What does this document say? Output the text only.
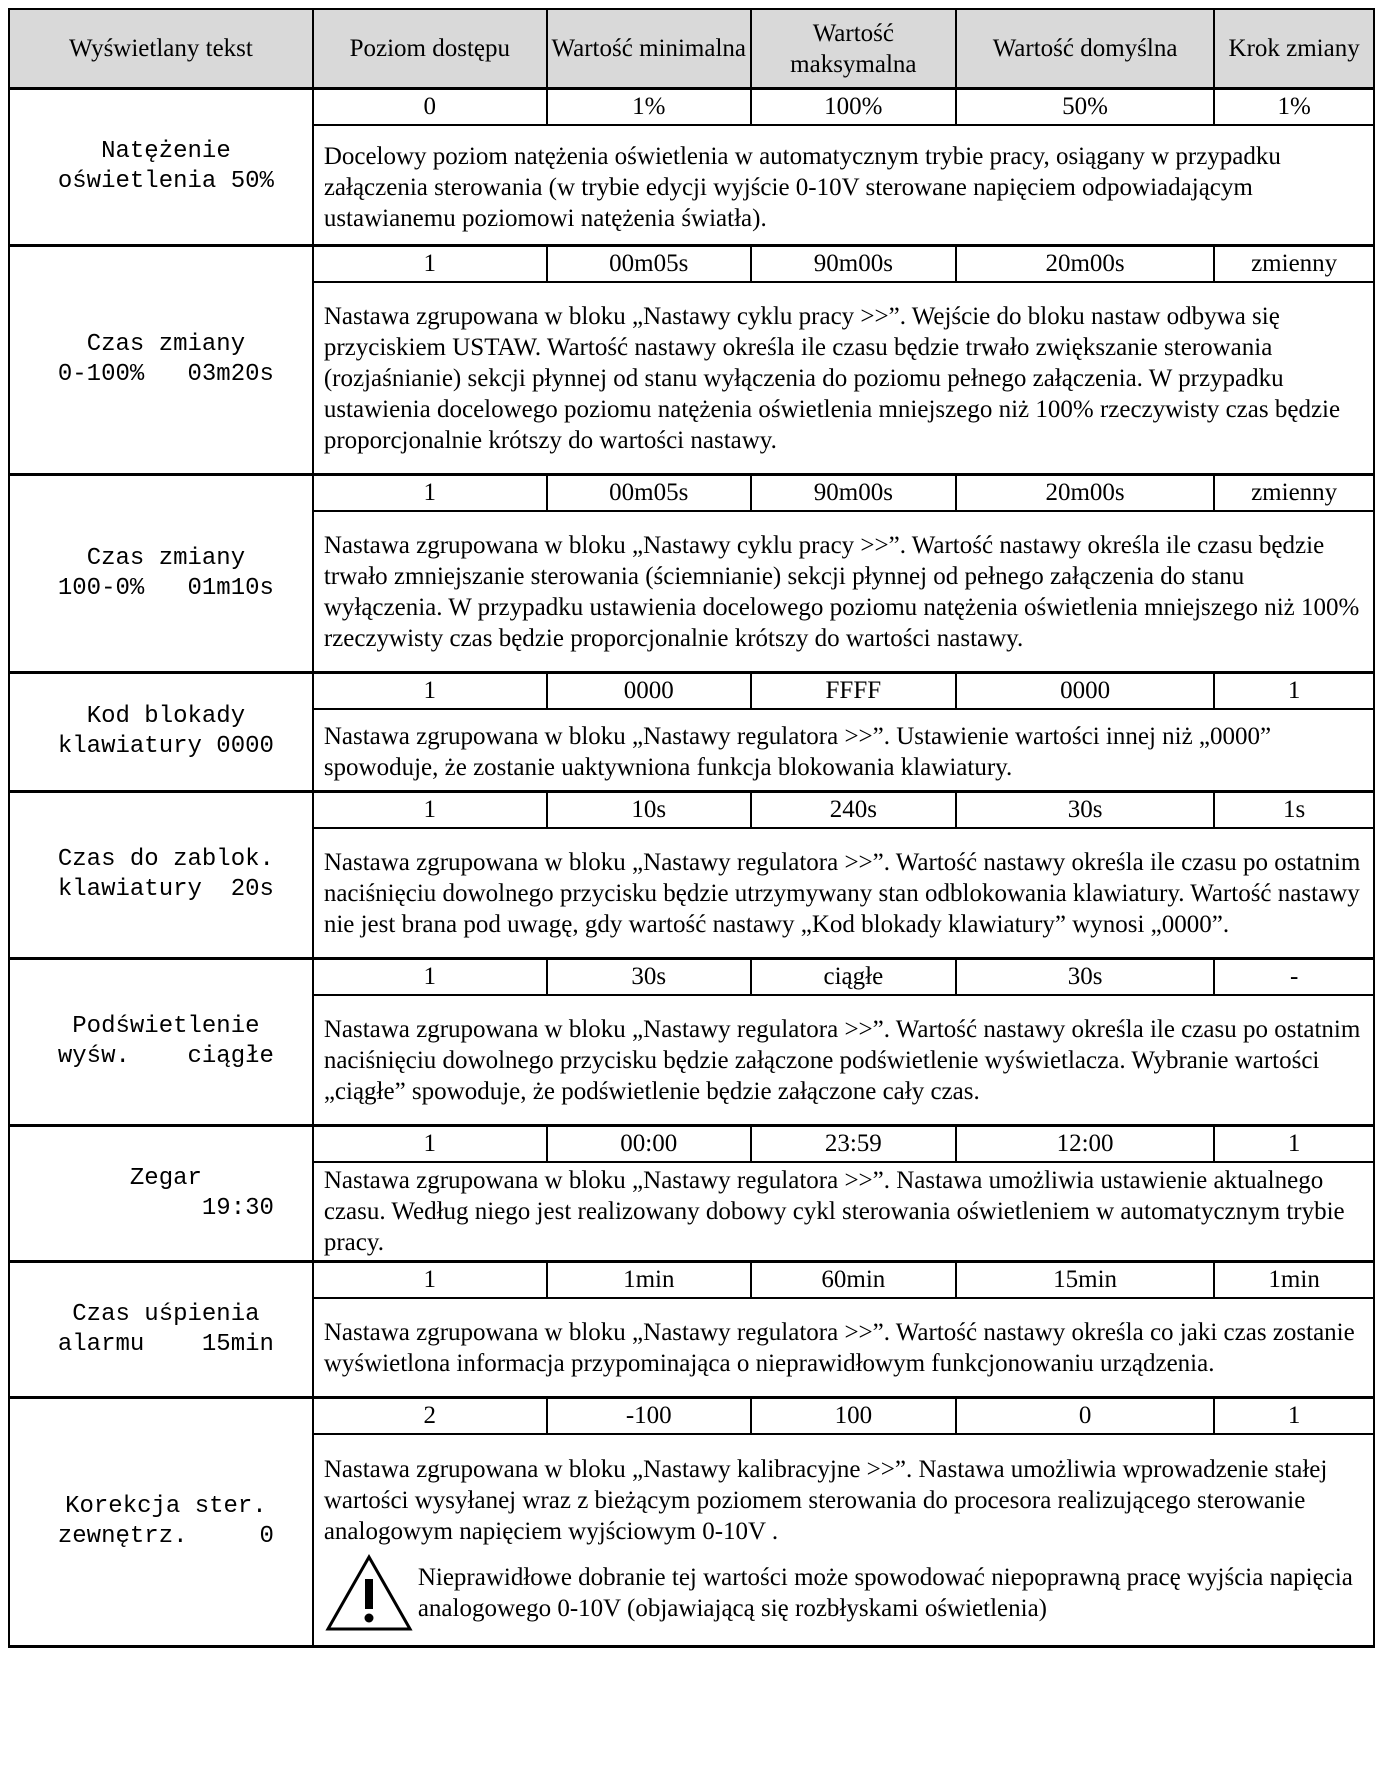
Wyświetlany tekst	Poziom dostępu	Wartość minimalna	Wartość maksymalna	Wartość domyślna	Krok zmiany
Natężenie
oświetlenia 50%	0	1%	100%	50%	1%

	Docelowy poziom natężenia oświetlenia w automatycznym trybie pracy, osiągany w przypadku załączenia sterowania (w trybie edycji wyjście 0-10V sterowane napięciem odpowiadającym ustawianemu poziomowi natężenia światła).				

Czas zmiany
0-100%   03m20s	1	00m05s	90m00s	20m00s	zmienny

	Nastawa zgrupowana w bloku „Nastawy cyklu pracy >>”. Wejście do bloku nastaw odbywa się przyciskiem USTAW. Wartość nastawy określa ile czasu będzie trwało zwiększanie sterowania (rozjaśnianie) sekcji płynnej od stanu wyłączenia do poziomu pełnego załączenia. W przypadku ustawienia docelowego poziomu natężenia oświetlenia mniejszego niż 100% rzeczywisty czas będzie proporcjonalnie krótszy do wartości nastawy.				

Czas zmiany
100-0%   01m10s	1	00m05s	90m00s	20m00s	zmienny

	Nastawa zgrupowana w bloku „Nastawy cyklu pracy >>”. Wartość nastawy określa ile czasu będzie trwało zmniejszanie sterowania (ściemnianie) sekcji płynnej od pełnego załączenia do stanu wyłączenia. W przypadku ustawienia docelowego poziomu natężenia oświetlenia mniejszego niż 100% rzeczywisty czas będzie proporcjonalnie krótszy do wartości nastawy.				

Kod blokady
klawiatury 0000	1	0000	FFFF	0000	1

	Nastawa zgrupowana w bloku „Nastawy regulatora >>”. Ustawienie wartości innej niż „0000” spowoduje, że zostanie uaktywniona funkcja blokowania klawiatury.				

Czas do zablok.
klawiatury  20s	1	10s	240s	30s	1s

	Nastawa zgrupowana w bloku „Nastawy regulatora >>”. Wartość nastawy określa ile czasu po ostatnim naciśnięciu dowolnego przycisku będzie utrzymywany stan odblokowania klawiatury. Wartość nastawy nie jest brana pod uwagę, gdy wartość nastawy „Kod blokady klawiatury” wynosi „0000”.				

Podświetlenie
wyśw.    ciągłe	1	30s	ciągłe	30s	-

	Nastawa zgrupowana w bloku „Nastawy regulatora >>”. Wartość nastawy określa ile czasu po ostatnim naciśnięciu dowolnego przycisku będzie załączone podświetlenie wyświetlacza. Wybranie wartości „ciągłe” spowoduje, że podświetlenie będzie załączone cały czas.				

Zegar
19:30	1	00:00	23:59	12:00	1

	Nastawa zgrupowana w bloku „Nastawy regulatora >>”. Nastawa umożliwia ustawienie aktualnego czasu. Według niego jest realizowany dobowy cykl sterowania oświetleniem w automatycznym trybie pracy.				

Czas uśpienia
alarmu    15min	1	1min	60min	15min	1min

	Nastawa zgrupowana w bloku „Nastawy regulatora >>”. Wartość nastawy określa co jaki czas zostanie wyświetlona informacja przypominająca o nieprawidłowym funkcjonowaniu urządzenia.				

Korekcja ster.
zewnętrz.     0	2	-100	100	0	1

	Nastawa zgrupowana w bloku „Nastawy kalibracyjne >>”. Nastawa umożliwia wprowadzenie stałej wartości wysyłanej wraz z bieżącym poziomem sterowania do procesora realizującego sterowanie analogowym napięciem wyjściowym 0-10V .
Nieprawidłowe dobranie tej wartości może spowodować niepoprawną pracę wyjścia napięcia analogowego 0-10V (objawiającą się rozbłyskami oświetlenia)				
